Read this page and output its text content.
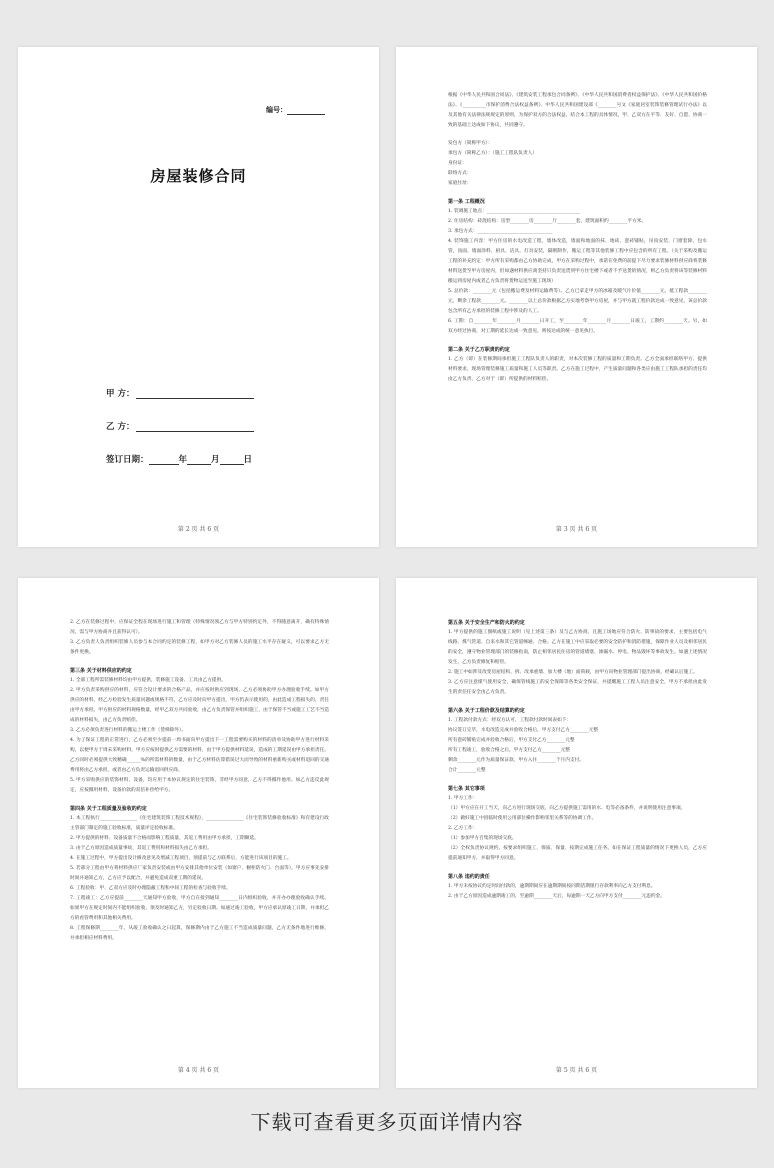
编号：
房屋装修合同
甲 方：
乙 方：
签订日期：	年	月	日
第 2 页 共 6 页
根据《中华人民共和国合同法》、《建筑安装工程承包合同条例》、《中华人民共和国消费者权益保护法》、《中华人民共和国价格法》、《__________市保护消费合法权益条例》、中华人民共和国建设部《________号文《家庭居室装饰装修管理试行办法》以及其他有关法律法规规定的原则，为保护双方的合法权益，结合本工程的具体情况，甲、乙双方在平等、友好、自愿、协商一致的基础上达成如下协议，共同遵守。
发包方（简称甲方）：
承包方（简称乙方）：（施工工程队负责人）
身份证：
联络方式：
家庭住址：
第一条 工程概况
1. 装调施工地点：________________________________________
2. 住房结构：砖混结构：房型________房________厅________套，建筑面积约________平方米。
3. 承包方式：________________________________
4. 装饰施工内容：甲方住房的水电改造工程，墙体改造，墙面和地面的抹、地砖、瓷砖铺贴，吊顶安装，门窗套除，包水管，顶面、墙面涂料，厨具、洁具、灯具安装，隔断制作，搬运工程等其他装修工程中应包含的所有工程。（关于采购及搬运工程的补充约定：甲方所有采购都由乙方协助完成，甲方在采购过程中，承诺在免费的前提下尽力要求装修材料供应商将装修材料送货至甲方房屋内，但如遇材料供应商坚持只负责送货到甲方住宅楼下或者不予送货的情况，则乙方负责将该等装修材料搬运到房屋内或者乙方负责将货物运送至施工现场）
5. 总价款：________元（包括搬运费及材料运输费等）。乙方已拿走甲方的冰箱及暖气片价值________元，抵工程款________元，剩余工程款________元。________以上总价款根据乙方实地考察甲方房屋，并与甲方就工程价款达成一致意见，该总价款包含所有乙方承担的装修工程中涉及的人工。
6. 工期：自________年________月________日开工，至________年________月________日竣工，工期约________天。另，如双方经过协商，对工期的延长达成一致意见，则按达成的统一意见执行。
第二条 关于乙方职责的约定
1. 乙方（即）在装修期间承担施工工程队负责人的职责，对本次装修工程的质量和工期负责。乙方全面承担联络甲方、提供材料要求，现场管理装修施工质量和施工人员等职责。乙方在施工过程中，产生质量问题和各类应由施工工程队承担的责任均由乙方负责，乙方对于（即）所提供的材料赔偿。
第 3 页 共 6 页
2. 乙方在装修过程中，应保证全程在现场进行施工和管理（特殊情况须乙方与甲方特别约定外，不得随意离开，确有特殊情况，需与甲方协商并且获得认可）。
3. 乙方负责人负责组织装修人员参与本合同约定的装修工程，如甲方对乙方装修人员的施工水平存在疑义，可以要求乙方无条件更换。
第三条 关于材料供应的约定
1. 全部工程所需装修材料均由甲方提供，装修施工设备、工具由乙方提供。
2. 甲方负责采购供应的材料，应符合设计要求的合格产品，并应按时供应到现场，乙方必须协助甲方办理验收手续。如甲方供应的材料，经乙方检验发生质量问题或规格不符，乙方应及时向甲方提出，甲方仍表示使用的，由此造成工程损失的，责任由甲方承担。甲方供应的材料规格数量，经甲乙双方共同验收，由乙方负责保管并组织施工，由于保管不当或施工工艺不当造成的材料损失，由乙方负责赔偿。
3. 乙方必须负责进行材料的搬运上楼工作（货梯除外）。
4. 为了保证工程的正常进行，乙方必须至少提前一周书面向甲方提出下一工程需要购买的材料的清单及协助甲方进行材料采购，以便甲方于周末采购材料，甲方应按时提供乙方需要的材料，由于甲方提供材料延误，造成的工期延误由甲方承担责任。乙方同时必须提供大致精确______%的所需材料的数量，由于乙方材料估算错误过大而导致的材料重新购买或材料退回的交通费用将由乙方承担，或者由乙方负责运输退回供应商。
5. 甲方采购供应的装饰材料、设备，均应用于本协议规定的住宅装饰，非经甲方同意，乙方不得挪作他用。如乙方违反此规定，应按挪用材料、设备价款的双倍补偿给甲方。
第四条 关于工程质量及验收的约定
1. 本工程执行________________《住宅建筑装饰工程技术规程》，________________《住宅装饰装修验收标准》和有建设行政主管部门制定的施工验收标准，质量评定验收标准。
2. 甲方提供的材料、设备质量不合格而影响工程质量，其返工费用由甲方承担，工期顺延。
3. 由于乙方原因造成质量事故，其返工费用和材料损失由乙方承担。
4. 在施工过程中，甲方提出设计修改意见及增减工程项目，须提前与乙方联系后，方能进行该项目的施工。
5. 若部分工程由甲方将材料供应厂家负责安装或由甲方安排其他单位安装（如窗户、橱柜防火门、台面等），甲方应事先安排时间并通知乙方，乙方应予以配合，并避免造成双重工期的延误。
6. 工程验收：甲、乙双方应及时办理隐蔽工程和中间工程的检查与验收手续。
7. 工程竣工：乙方应提前________天通知甲方验收，甲方自在接到通知________日内组织验收，并开办办理验收确认手续。如果甲方在规定时间内不能组织验收，须及时通知乙方，另定验收日期。如通过竣工验收，甲方应承认原竣工日期，并承担乙方的看管费用和其他相关费用。
8. 工程保修期________年，从竣工验收确认之日起算，保修期内由于乙方施工不当造成质量问题，乙方无条件地进行维修，并承担相应材料费用。
第 4 页 共 6 页
第五条 关于安全生产和防火的约定
1. 甲方提供的施工图纸或施工说明（见上述第三条）及与乙方协商，且施工场地应符合防火、防事故的要求，主要包括电气线路、煤气管道、自来水和其它管道畅通、合格。乙方在施工中应采取必要的安全防护和消防措施，保障作业人员及相邻居民的安全，遵守物业管理部门的装修指南，防止相邻居民住房的管道堵塞、渗漏水、停电、物品毁坏等事故发生。如遇上述情况发生，乙方负责修复和赔偿。
2. 施工中如涉及改变房屋结构、拆、改承重墙、加大楼（地）面荷载，由甲方向物业管理部门提出协商，经确认后施工。
3. 乙方应注意煤气使用安全，确保管线施工的安全保障等各类安全保证，并提醒施工工程人员注意安全，甲方不承担由此发生的责任任安全由乙方负责。
第六条 关于工程价款及结算的约定
1. 工程款付款方式：经双方认可，工程款付款时间表如下：
协议签订完毕，水电改造完成并验收合格后，甲方支付乙方________元整
所有瓷砖铺贴完成并验收合格后，甲方支付乙方________元整
所有工程竣工，验收合格之后，甲方支付乙方________元整
剩余________元作为质量保证款，甲方入住________个月内支付。
合计________元整
第七条 其它事项
1. 甲方工作：
（1）甲方应在开工当天，向乙方进行现场交底，向乙方提供施工需用的水、电等必备条件，并说明使用注意事项。
（2）做好施工中因临时使用公用部位操作影响邻里关系等的协调工作。
2. 乙方工作：
（1）参加甲方召集的现场交底。
（2）全权负责协议规约，按要求组织施工，保质、保量、按期完成施工任务。如在保证工程质量的情况下更换人员，乙方应提前通知甲方，并取得甲方同意。
第八条 违约的责任
1. 甲方未按协议约定时间付款的，逾期期间应在逾期期间按同期活期银行存款利率向乙方支付利息。
2. 由于乙方原因造成逾期竣工的，至逾期________天后，每逾期一天乙方向甲方支付________元违约金。
第 5 页 共 6 页
下载可查看更多页面详情内容
